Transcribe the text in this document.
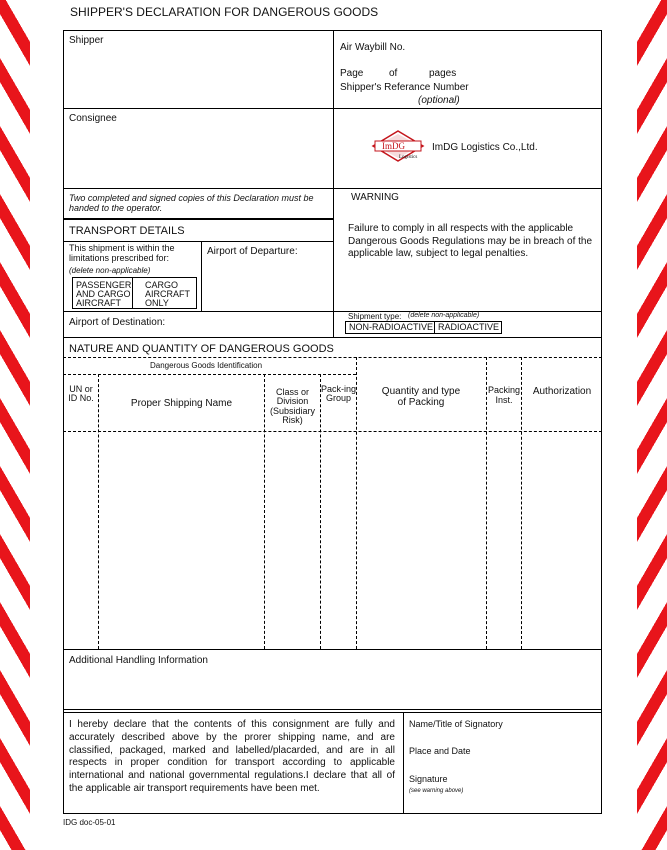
SHIPPER'S DECLARATION FOR DANGEROUS GOODS
Shipper
Air Waybill No.
Page	of	pages
Shipper's Referance Number
(optional)
Consignee
ImDG
Logistics
ImDG Logistics Co.,Ltd.
Two completed and signed copies of this Declaration must be handed to the operator.
WARNING
Failure to comply in all respects with the applicable Dangerous Goods Regulations may be in breach of the applicable law, subject to legal penalties.
TRANSPORT DETAILS
This shipment is within the limitations prescribed for:
(delete non-applicable)
PASSENGER AND CARGO AIRCRAFT
CARGO AIRCRAFT ONLY
Airport of Departure:
Airport of Destination:
Shipment type: (delete non-applicable)
NON-RADIOACTIVE RADIOACTIVE
NATURE AND QUANTITY OF DANGEROUS GOODS
Dangerous Goods Identification
UN or ID No.	Proper Shipping Name
Class or Division (Subsidiary Risk)
Pack-ing Group
Quantity and type of Packing
Packing Inst.
Authorization
Additional Handling Information
I hereby declare that the contents of this consignment are fully and accurately described above by the prorer shipping name, and are classified, packaged, marked and labelled/placarded, and are in all respects in proper condition for transport according to applicable international and national governmental regulations.I declare that all of the applicable air transport requirements have been met.
Name/Title of Signatory
Place and Date
Signature
(see warning above)
IDG doc-05-01
